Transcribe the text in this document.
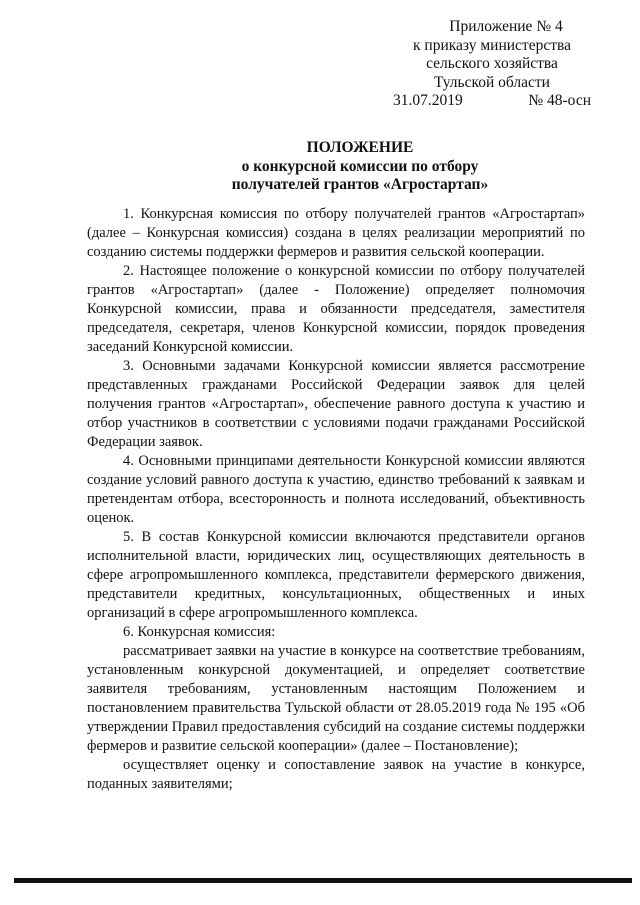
Приложение № 4
к приказу министерства
сельского хозяйства
Тульской области
31.07.2019	№ 48-осн
ПОЛОЖЕНИЕ
о конкурсной комиссии по отбору
получателей грантов «Агростартап»

1. Конкурсная комиссия по отбору получателей грантов «Агростартап» (далее – Конкурсная комиссия) создана в целях реализации мероприятий по созданию системы поддержки фермеров и развития сельской кооперации.

2. Настоящее положение о конкурсной комиссии по отбору получателей грантов «Агростартап» (далее - Положение) определяет полномочия Конкурсной комиссии, права и обязанности председателя, заместителя председателя, секретаря, членов Конкурсной комиссии, порядок проведения заседаний Конкурсной комиссии.

3. Основными задачами Конкурсной комиссии является рассмотрение представленных гражданами Российской Федерации заявок для целей получения грантов «Агростартап», обеспечение равного доступа к участию и отбор участников в соответствии с условиями подачи гражданами Российской Федерации заявок.

4. Основными принципами деятельности Конкурсной комиссии являются создание условий равного доступа к участию, единство требований к заявкам и претендентам отбора, всесторонность и полнота исследований, объективность оценок.

5. В состав Конкурсной комиссии включаются представители органов исполнительной власти, юридических лиц, осуществляющих деятельность в сфере агропромышленного комплекса, представители фермерского движения, представители кредитных, консультационных, общественных и иных организаций в сфере агропромышленного комплекса.

6. Конкурсная комиссия:

рассматривает заявки на участие в конкурсе на соответствие требованиям, установленным конкурсной документацией, и определяет соответствие заявителя требованиям, установленным настоящим Положением и постановлением правительства Тульской области от 28.05.2019 года № 195 «Об утверждении Правил предоставления субсидий на создание системы поддержки фермеров и развитие сельской кооперации» (далее – Постановление);

осуществляет оценку и сопоставление заявок на участие в конкурсе, поданных заявителями;
